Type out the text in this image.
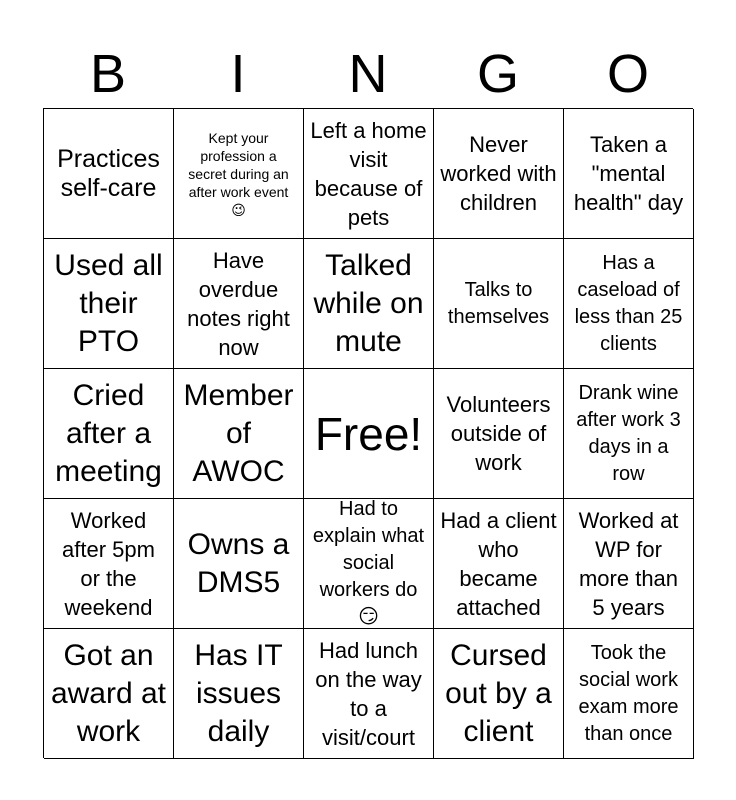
B	I	N	G	O
Practices self-care
Kept your profession a secret during an after work event 😉
Left a home visit because of pets
Never worked with children
Taken a "mental health" day
Used all their PTO
Have overdue notes right now
Talked while on mute
Talks to themselves
Has a caseload of less than 25 clients
Cried after a meeting
Member of AWOC
Free!
Volunteers outside of work
Drank wine after work 3 days in a row
Worked after 5pm or the weekend
Owns a DMS5
Had to explain what social workers do 😏
Had a client who became attached
Worked at WP for more than 5 years
Got an award at work
Has IT issues daily
Had lunch on the way to a visit/court
Cursed out by a client
Took the social work exam more than once
